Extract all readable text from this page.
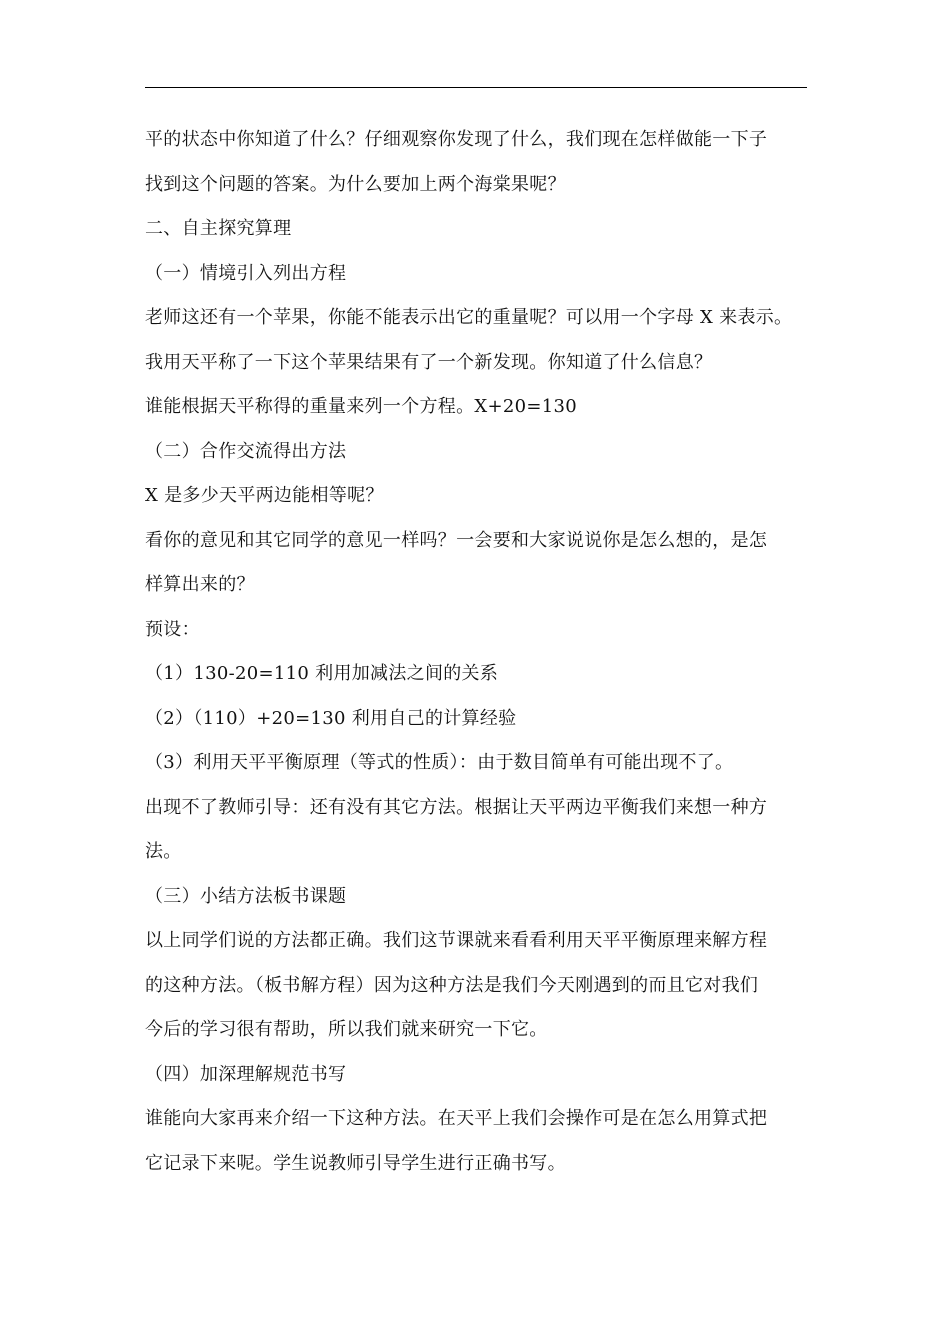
平的状态中你知道了什么？仔细观察你发现了什么，我们现在怎样做能一下子
找到这个问题的答案。为什么要加上两个海棠果呢？
二、自主探究算理
（一）情境引入列出方程
老师这还有一个苹果，你能不能表示出它的重量呢？可以用一个字母 X 来表示。
我用天平称了一下这个苹果结果有了一个新发现。你知道了什么信息？
谁能根据天平称得的重量来列一个方程。X+20=130
（二）合作交流得出方法
X 是多少天平两边能相等呢？
看你的意见和其它同学的意见一样吗？一会要和大家说说你是怎么想的，是怎
样算出来的？
预设：
（1）130-20=110 利用加减法之间的关系
（2）（110）+20=130 利用自己的计算经验
（3）利用天平平衡原理（等式的性质）：由于数目简单有可能出现不了。
出现不了教师引导：还有没有其它方法。根据让天平两边平衡我们来想一种方
法。
（三）小结方法板书课题
以上同学们说的方法都正确。我们这节课就来看看利用天平平衡原理来解方程
的这种方法。（板书解方程）因为这种方法是我们今天刚遇到的而且它对我们
今后的学习很有帮助，所以我们就来研究一下它。
（四）加深理解规范书写
谁能向大家再来介绍一下这种方法。在天平上我们会操作可是在怎么用算式把
它记录下来呢。学生说教师引导学生进行正确书写。
